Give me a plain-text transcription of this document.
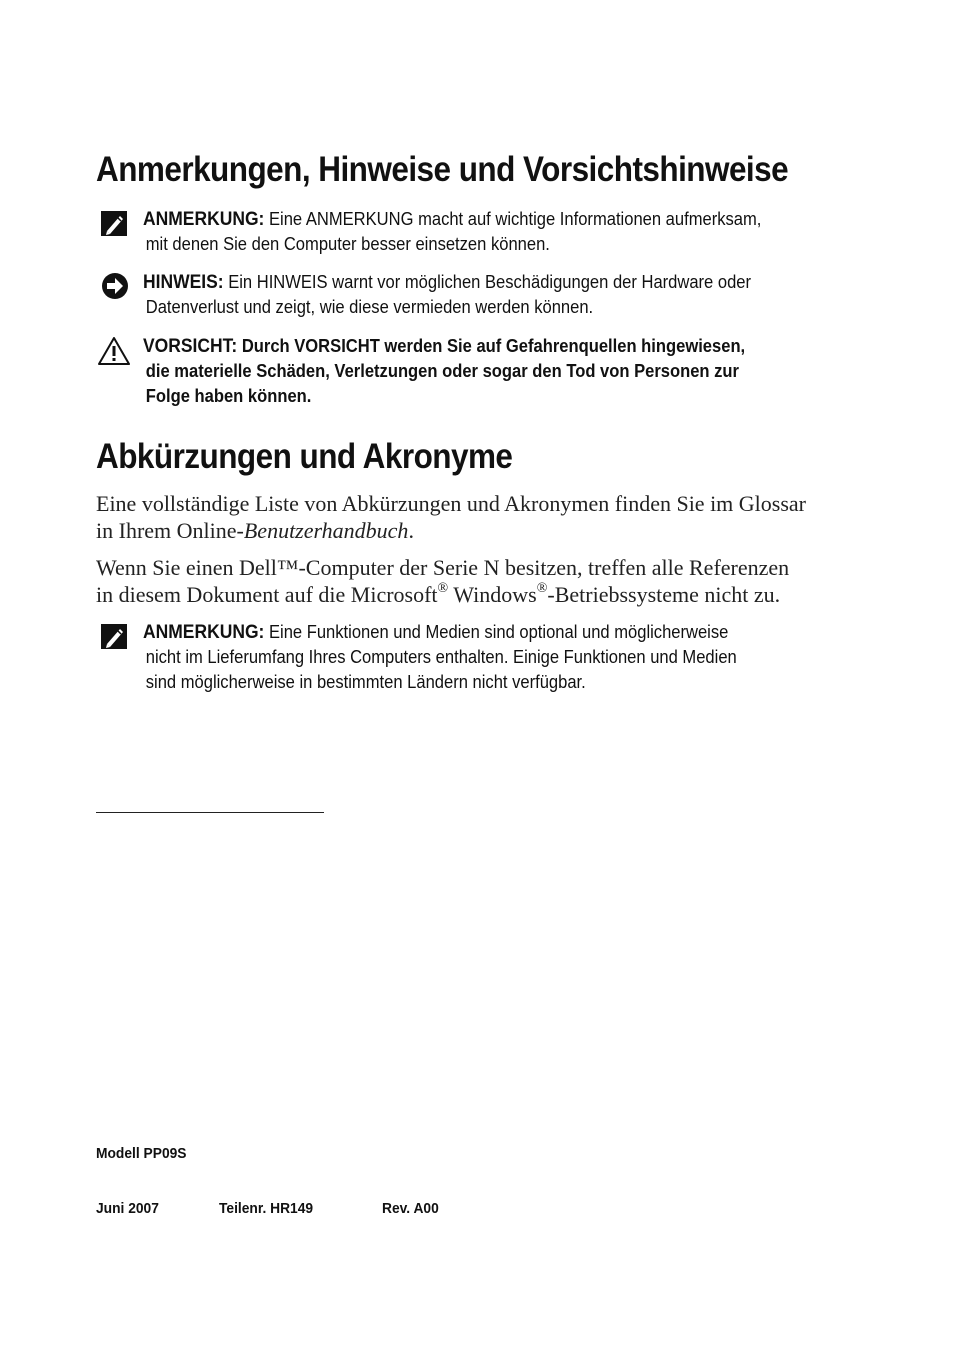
Anmerkungen, Hinweise und Vorsichtshinweise
ANMERKUNG: Eine ANMERKUNG macht auf wichtige Informationen aufmerksam,
mit denen Sie den Computer besser einsetzen können.
HINWEIS: Ein HINWEIS warnt vor möglichen Beschädigungen der Hardware oder
Datenverlust und zeigt, wie diese vermieden werden können.
VORSICHT: Durch VORSICHT werden Sie auf Gefahrenquellen hingewiesen,
die materielle Schäden, Verletzungen oder sogar den Tod von Personen zur
Folge haben können.
Abkürzungen und Akronyme

Eine vollständige Liste von Abkürzungen und Akronymen finden Sie im Glossar
in Ihrem Online-Benutzerhandbuch.

Wenn Sie einen Dell™-Computer der Serie N besitzen, treffen alle Referenzen
in diesem Dokument auf die Microsoft® Windows®-Betriebssysteme nicht zu.

ANMERKUNG: Eine Funktionen und Medien sind optional und möglicherweise
nicht im Lieferumfang Ihres Computers enthalten. Einige Funktionen und Medien
sind möglicherweise in bestimmten Ländern nicht verfügbar.
Modell PP09S
Juni 2007	Teilenr. HR149	Rev. A00
